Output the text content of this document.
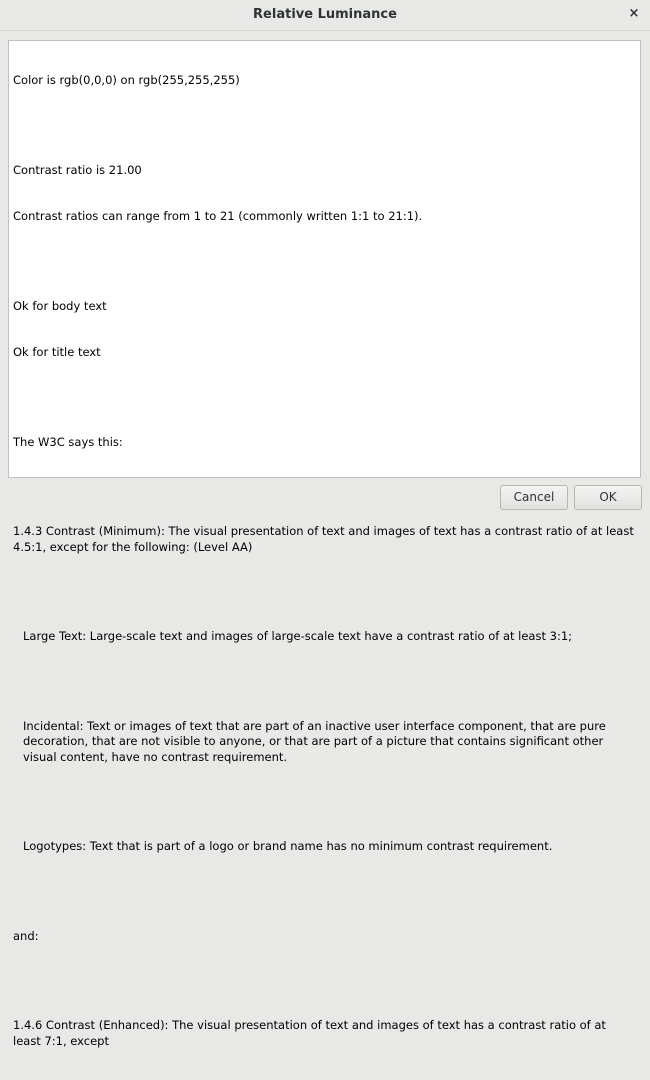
Relative Luminance	×

Color is rgb(0,0,0) on rgb(255,255,255)

Contrast ratio is 21.00

Contrast ratios can range from 1 to 21 (commonly written 1:1 to 21:1).

Ok for body text

Ok for title text

The W3C says this:

1.4.3 Contrast (Minimum): The visual presentation of text and images of text has a contrast ratio of at least 4.5:1, except for the following: (Level AA)

Large Text: Large-scale text and images of large-scale text have a contrast ratio of at least 3:1;

Incidental: Text or images of text that are part of an inactive user interface component, that are pure decoration, that are not visible to anyone, or that are part of a picture that contains significant other visual content, have no contrast requirement.

Logotypes: Text that is part of a logo or brand name has no minimum contrast requirement.

and:

1.4.6 Contrast (Enhanced): The visual presentation of text and images of text has a contrast ratio of at least 7:1, except

Cancel	OK
